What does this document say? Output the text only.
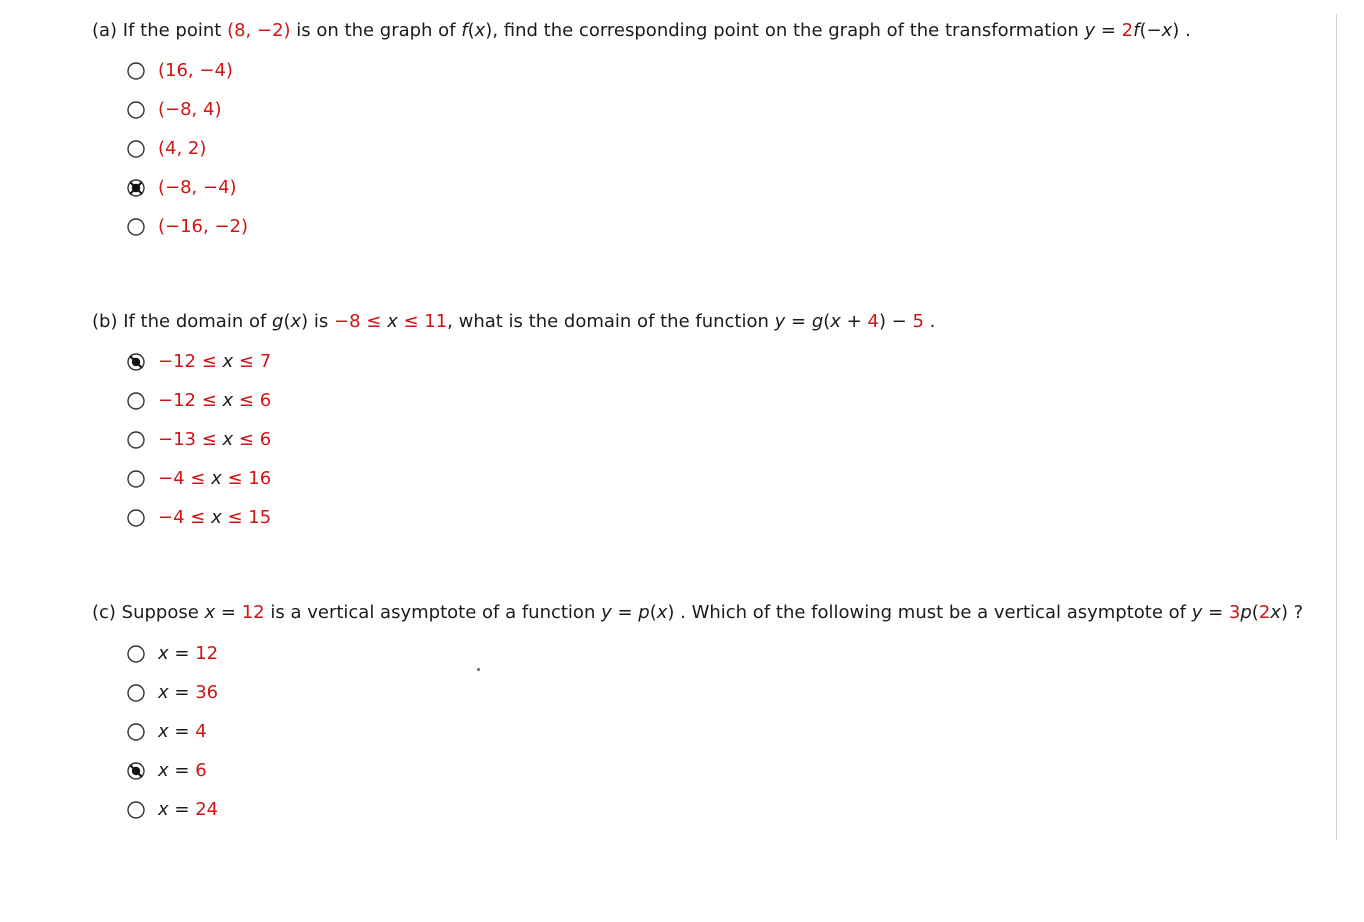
(a) If the point (8, −2) is on the graph of f(x), find the corresponding point on the graph of the transformation y = 2f(−x) .
(16, −4)
(−8, 4)
(4, 2)
(−8, −4)
(−16, −2)
(b) If the domain of g(x) is −8 ≤ x ≤ 11, what is the domain of the function y = g(x + 4) − 5 .
−12 ≤ x ≤ 7
−12 ≤ x ≤ 6
−13 ≤ x ≤ 6
−4 ≤ x ≤ 16
−4 ≤ x ≤ 15
(c) Suppose x = 12 is a vertical asymptote of a function y = p(x) . Which of the following must be a vertical asymptote of y = 3p(2x) ?
x = 12
x = 36
x = 4
x = 6
x = 24
